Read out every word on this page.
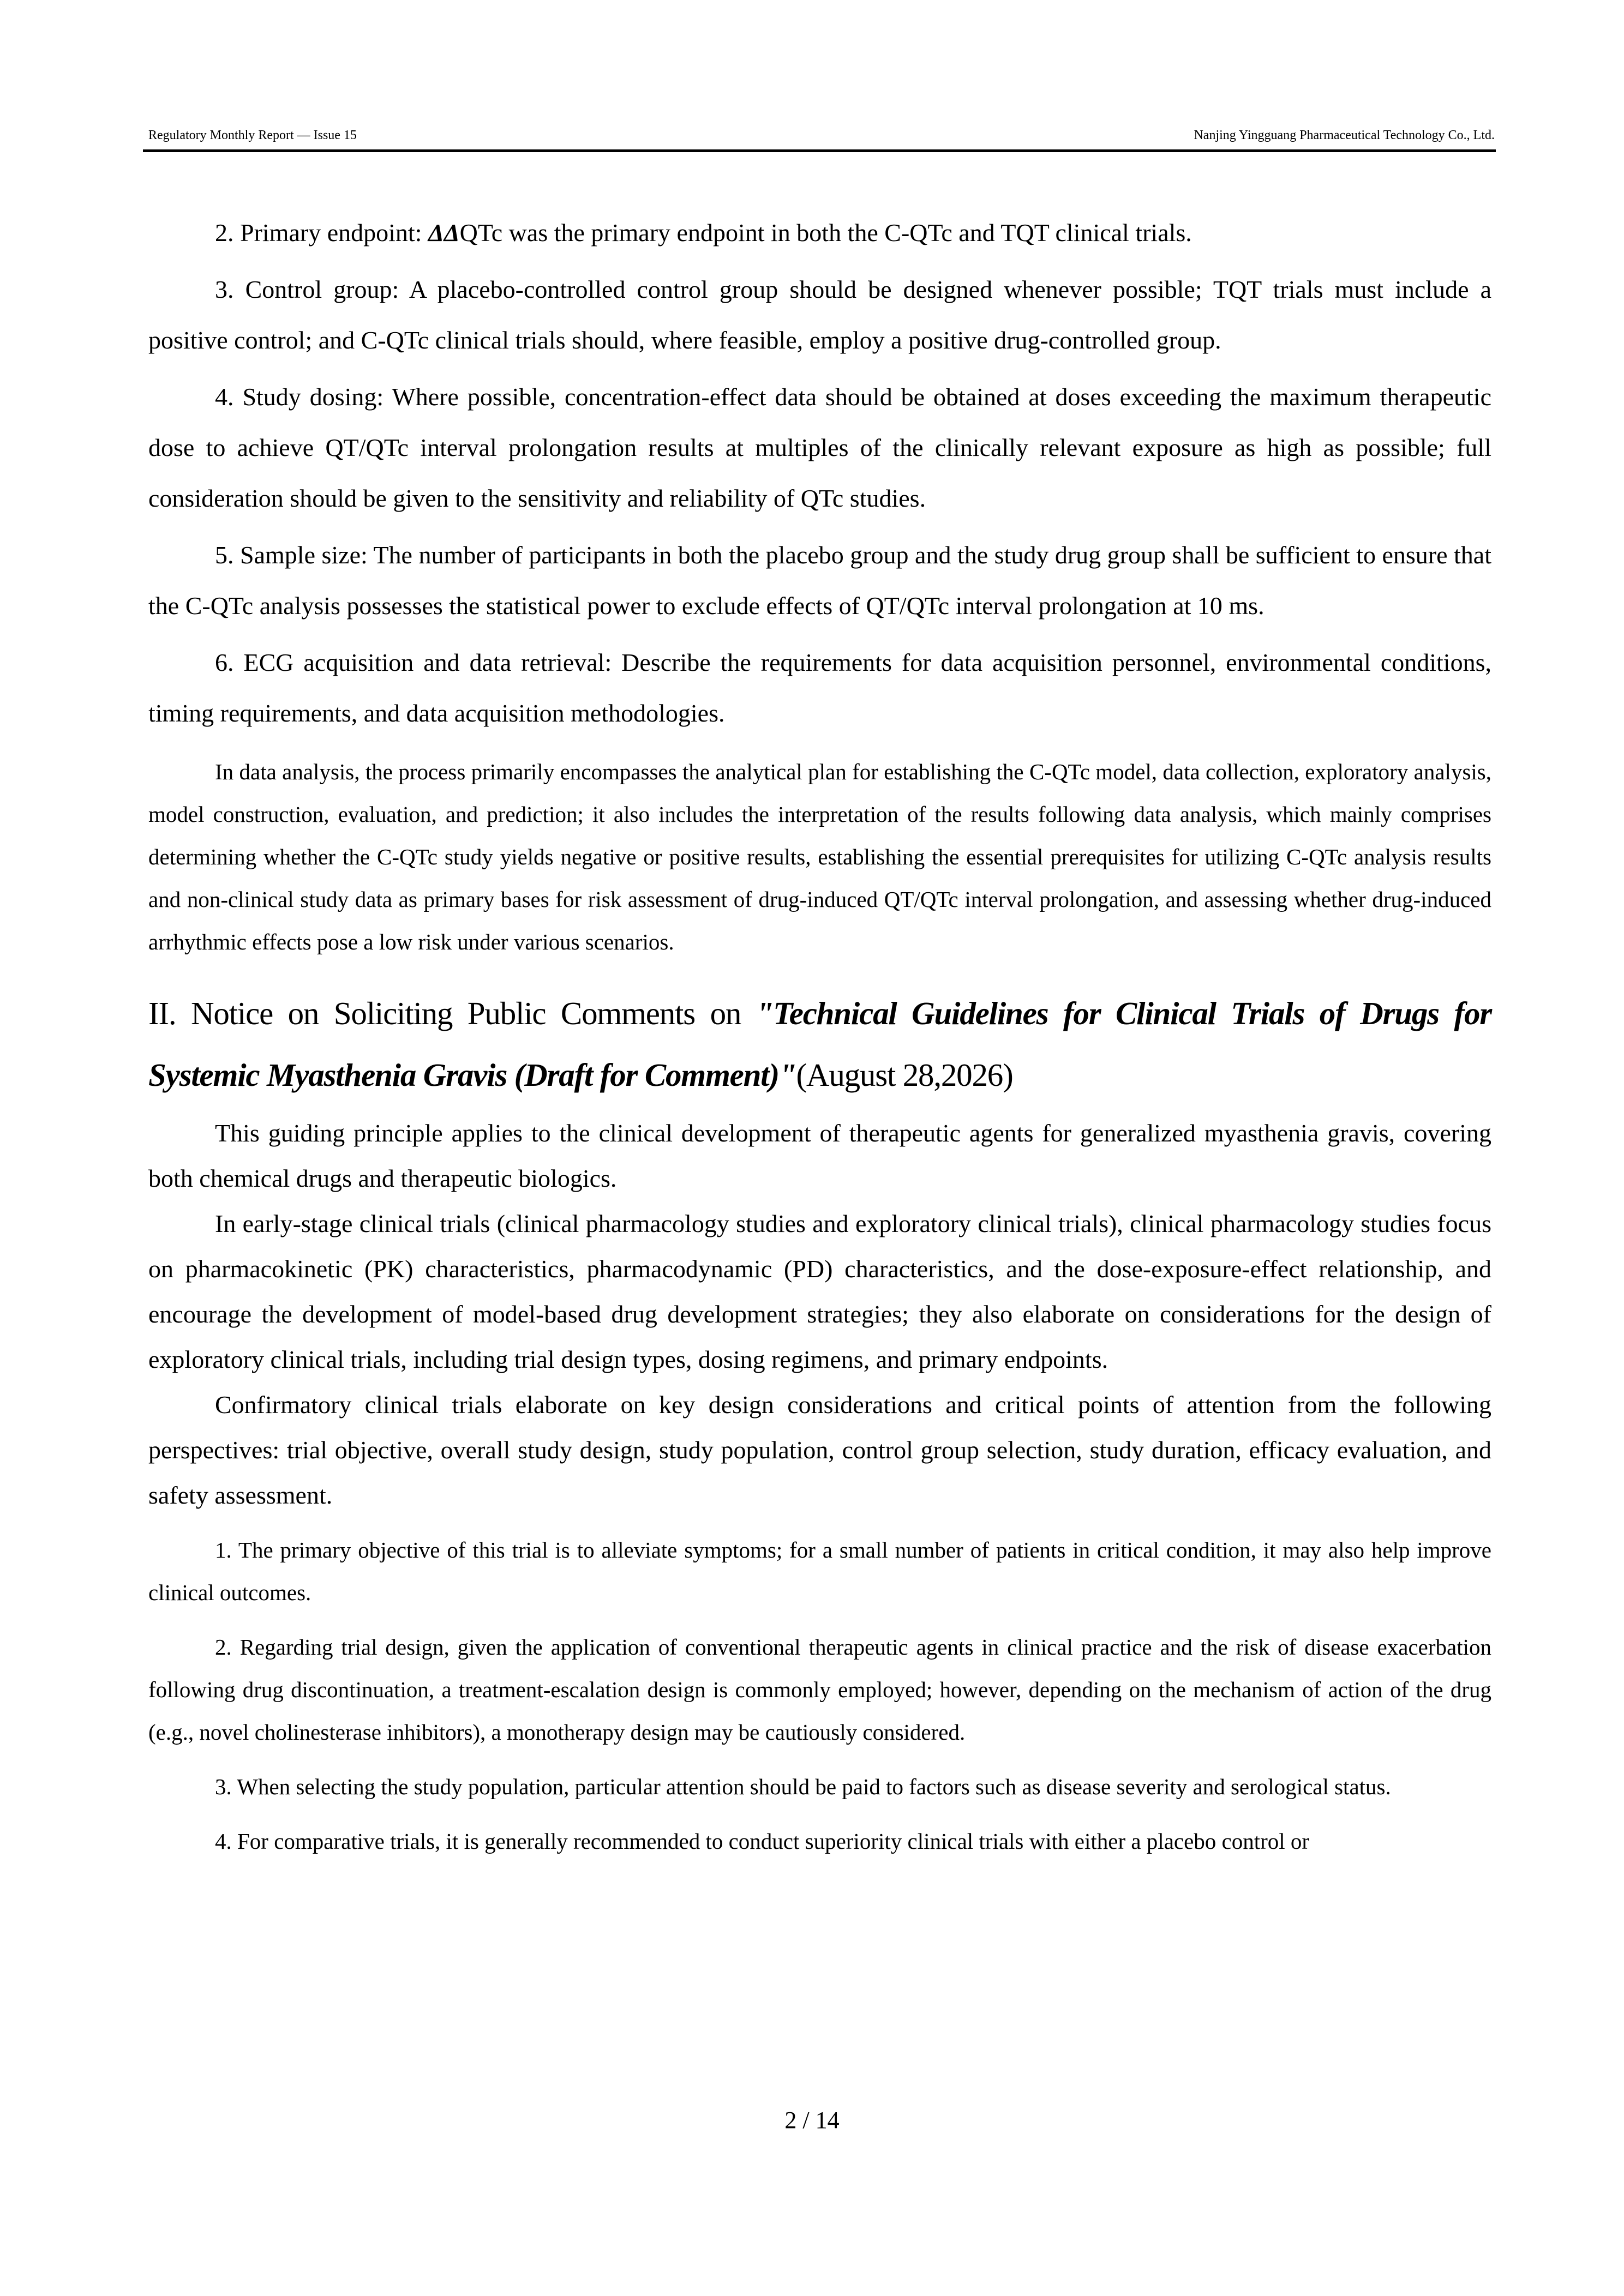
Regulatory Monthly Report — Issue 15	Nanjing Yingguang Pharmaceutical Technology Co., Ltd.

2. Primary endpoint: ΔΔQTc was the primary endpoint in both the C-QTc and TQT clinical trials.

3. Control group: A placebo-controlled control group should be designed whenever possible; TQT trials must include a positive control; and C-QTc clinical trials should, where feasible, employ a positive drug-controlled group.

4. Study dosing: Where possible, concentration-effect data should be obtained at doses exceeding the maximum therapeutic dose to achieve QT/QTc interval prolongation results at multiples of the clinically relevant exposure as high as possible; full consideration should be given to the sensitivity and reliability of QTc studies.

5. Sample size: The number of participants in both the placebo group and the study drug group shall be sufficient to ensure that the C-QTc analysis possesses the statistical power to exclude effects of QT/QTc interval prolongation at 10 ms.

6. ECG acquisition and data retrieval: Describe the requirements for data acquisition personnel, environmental conditions, timing requirements, and data acquisition methodologies.

In data analysis, the process primarily encompasses the analytical plan for establishing the C-QTc model, data collection, exploratory analysis, model construction, evaluation, and prediction; it also includes the interpretation of the results following data analysis, which mainly comprises determining whether the C-QTc study yields negative or positive results, establishing the essential prerequisites for utilizing C-QTc analysis results and non-clinical study data as primary bases for risk assessment of drug-induced QT/QTc interval prolongation, and assessing whether drug-induced arrhythmic effects pose a low risk under various scenarios.

II. Notice on Soliciting Public Comments on "Technical Guidelines for Clinical Trials of Drugs for Systemic Myasthenia Gravis (Draft for Comment)"(August 28,2026)

This guiding principle applies to the clinical development of therapeutic agents for generalized myasthenia gravis, covering both chemical drugs and therapeutic biologics.

In early-stage clinical trials (clinical pharmacology studies and exploratory clinical trials), clinical pharmacology studies focus on pharmacokinetic (PK) characteristics, pharmacodynamic (PD) characteristics, and the dose-exposure-effect relationship, and encourage the development of model-based drug development strategies; they also elaborate on considerations for the design of exploratory clinical trials, including trial design types, dosing regimens, and primary endpoints.

Confirmatory clinical trials elaborate on key design considerations and critical points of attention from the following perspectives: trial objective, overall study design, study population, control group selection, study duration, efficacy evaluation, and safety assessment.

1. The primary objective of this trial is to alleviate symptoms; for a small number of patients in critical condition, it may also help improve clinical outcomes.

2. Regarding trial design, given the application of conventional therapeutic agents in clinical practice and the risk of disease exacerbation following drug discontinuation, a treatment-escalation design is commonly employed; however, depending on the mechanism of action of the drug (e.g., novel cholinesterase inhibitors), a monotherapy design may be cautiously considered.

3. When selecting the study population, particular attention should be paid to factors such as disease severity and serological status.

4. For comparative trials, it is generally recommended to conduct superiority clinical trials with either a placebo control or

2 / 14
